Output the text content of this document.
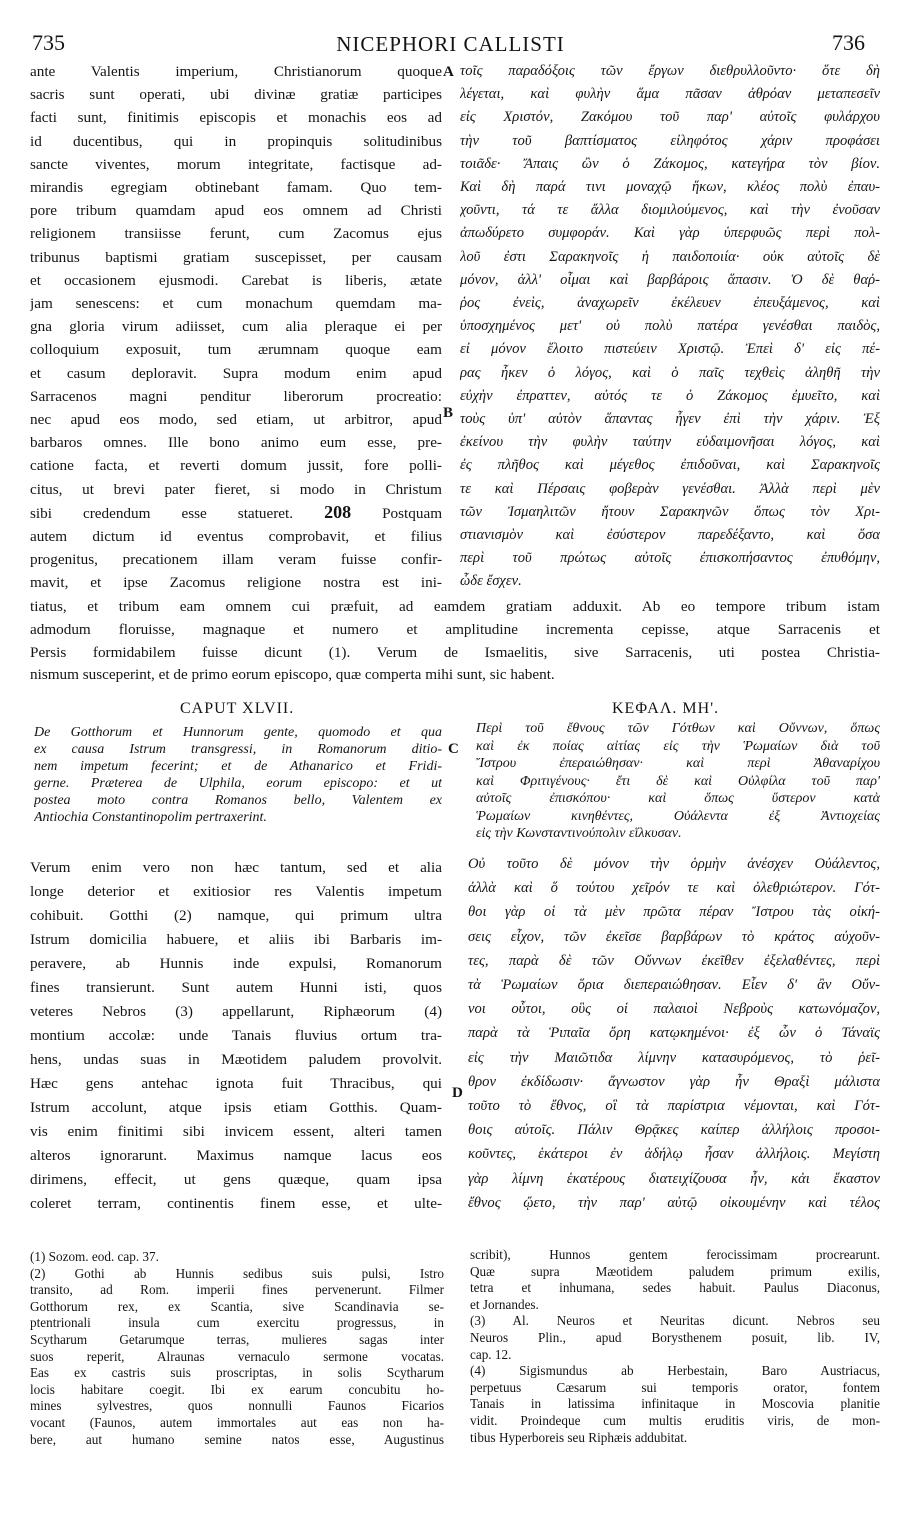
735	NICEPHORI CALLISTI	736
A
B
C
D
ante Valentis imperium, Christianorum quoque
sacris sunt operati, ubi divinæ gratiæ participes
facti sunt, finitimis episcopis et monachis eos ad
id ducentibus, qui in propinquis solitudinibus
sancte viventes, morum integritate, factisque ad-
mirandis egregiam obtinebant famam. Quo tem-
pore tribum quamdam apud eos omnem ad Christi
religionem transiisse ferunt, cum Zacomus ejus
tribunus baptismi gratiam suscepisset, per causam
et occasionem ejusmodi. Carebat is liberis, ætate
jam senescens: et cum monachum quemdam ma-
gna gloria virum adiisset, cum alia pleraque ei per
colloquium exposuit, tum ærumnam quoque eam
et casum deploravit. Supra modum enim apud
Sarracenos magni penditur liberorum procreatio:
nec apud eos modo, sed etiam, ut arbitror, apud
barbaros omnes. Ille bono animo eum esse, pre-
catione facta, et reverti domum jussit, fore polli-
citus, ut brevi pater fieret, si modo in Christum
sibi credendum esse statueret. 208 Postquam
autem dictum id eventus comprobavit, et filius
progenitus, precationem illam veram fuisse confir-
mavit, et ipse Zacomus religione nostra est ini-
τοῖς παραδόξοις τῶν ἔργων διεθρυλλοῦντο· ὅτε δὴ
λέγεται, καὶ φυλὴν ἅμα πᾶσαν ἀθρόαν μεταπεσεῖν
εἰς Χριστόν, Ζακόμου τοῦ παρ' αὐτοῖς φυλάρχου
τὴν τοῦ βαπτίσματος εἰληφότος χάριν προφάσει
τοιᾶδε· Ἄπαις ὢν ὁ Ζάκομος, κατεγήρα τὸν βίον.
Καὶ δὴ παρά τινι μοναχῷ ἥκων, κλέος πολὺ ἐπαυ-
χοῦντι, τά τε ἄλλα διομιλούμενος, καὶ τὴν ἐνοῦσαν
ἀπωδύρετο συμφοράν. Καὶ γὰρ ὑπερφυῶς περὶ πολ-
λοῦ ἐστι Σαρακηνοῖς ἡ παιδοποιία· οὐκ αὐτοῖς δὲ
μόνον, ἀλλ' οἶμαι καὶ βαρβάροις ἅπασιν. Ὁ δὲ θαῤ-
ῥος ἐνεὶς, ἀναχωρεῖν ἐκέλευεν ἐπευξάμενος, καὶ
ὑποσχημένος μετ' οὐ πολὺ πατέρα γενέσθαι παιδὸς,
εἰ μόνον ἕλοιτο πιστεύειν Χριστῷ. Ἐπεὶ δ' εἰς πέ-
ρας ἧκεν ὁ λόγος, καὶ ὁ παῖς τεχθεὶς ἀληθῆ τὴν
εὐχὴν ἐπραττεν, αὐτός τε ὁ Ζάκομος ἐμυεῖτο, καὶ
τοὺς ὑπ' αὐτὸν ἅπαντας ἦγεν ἐπὶ τὴν χάριν. Ἐξ
ἐκείνου τὴν φυλὴν ταύτην εὐδαιμονῆσαι λόγος, καὶ
ἐς πλῆθος καὶ μέγεθος ἐπιδοῦναι, καὶ Σαρακηνοῖς
τε καὶ Πέρσαις φοβερὰν γενέσθαι. Ἀλλὰ περὶ μὲν
τῶν Ἰσμαηλιτῶν ἤτουν Σαρακηνῶν ὅπως τὸν Χρι-
στιανισμὸν καὶ ἐσύστερον παρεδέξαντο, καὶ ὅσα
περὶ τοῦ πρώτως αὐτοῖς ἐπισκοπήσαντος ἐπυθόμην,
ὧδε ἔσχεν.
tiatus, et tribum eam omnem cui præfuit, ad eamdem gratiam adduxit. Ab eo tempore tribum istam
admodum floruisse, magnaque et numero et amplitudine incrementa cepisse, atque Sarracenis et
Persis formidabilem fuisse dicunt (1). Verum de Ismaelitis, sive Sarracenis, uti postea Christia-
nismum susceperint, et de primo eorum episcopo, quæ comperta mihi sunt, sic habent.
CAPUT XLVII.	ΚΕΦΑΛ. ΜΗ'.
De Gotthorum et Hunnorum gente, quomodo et qua
ex causa Istrum transgressi, in Romanorum ditio-
nem impetum fecerint; et de Athanarico et Fridi-
gerne. Præterea de Ulphila, eorum episcopo: et ut
postea moto contra Romanos bello, Valentem ex
Antiochia Constantinopolim pertraxerint.
Περὶ τοῦ ἔθνους τῶν Γότθων καὶ Οὔννων, ὅπως
καὶ ἐκ ποίας αἰτίας εἰς τὴν Ῥωμαίων διὰ τοῦ
Ἴστρου ἐπεραιώθησαν· καὶ περὶ Ἀθαναρίχου
καὶ Φριτιγένους· ἔτι δὲ καὶ Οὐλφίλα τοῦ παρ'
αὐτοῖς ἐπισκόπου· καὶ ὅπως ὕστερον κατὰ
Ῥωμαίων κινηθέντες, Οὐάλεντα ἐξ Ἀντιοχείας
εἰς τὴν Κωνσταντινούπολιν εἵλκυσαν.
Verum enim vero non hæc tantum, sed et alia
longe deterior et exitiosior res Valentis impetum
cohibuit. Gotthi (2) namque, qui primum ultra
Istrum domicilia habuere, et aliis ibi Barbaris im-
peravere, ab Hunnis inde expulsi, Romanorum
fines transierunt. Sunt autem Hunni isti, quos
veteres Nebros (3) appellarunt, Riphæorum (4)
montium accolæ: unde Tanais fluvius ortum tra-
hens, undas suas in Mæotidem paludem provolvit.
Hæc gens antehac ignota fuit Thracibus, qui
Istrum accolunt, atque ipsis etiam Gotthis. Quam-
vis enim finitimi sibi invicem essent, alteri tamen
alteros ignorarunt. Maximus namque lacus eos
dirimens, effecit, ut gens quæque, quam ipsa
coleret terram, continentis finem esse, et ulte-
Οὐ τοῦτο δὲ μόνον τὴν ὁρμὴν ἀνέσχεν Οὐάλεντος,
ἀλλὰ καὶ ὅ τούτου χεῖρόν τε καὶ ὀλεθριώτερον. Γότ-
θοι γὰρ οἱ τὰ μὲν πρῶτα πέραν Ἴστρου τὰς οἰκή-
σεις εἶχον, τῶν ἐκεῖσε βαρβάρων τὸ κράτος αὐχοῦν-
τες, παρὰ δὲ τῶν Οὔννων ἐκεῖθεν ἐξελαθέντες, περὶ
τὰ Ῥωμαίων ὅρια διεπεραιώθησαν. Εἶεν δ' ἂν Οὔν-
νοι οὗτοι, οὓς οἱ παλαιοὶ Νεβροὺς κατωνόμαζον,
παρὰ τὰ Ῥιπαῖα ὄρη κατῳκημένοι· ἐξ ὧν ὁ Τάναϊς
εἰς τὴν Μαιῶτιδα λίμνην κατασυρόμενος, τὸ ῥεῖ-
θρον ἐκδίδωσιν· ἄγνωστον γὰρ ἦν Θραξὶ μάλιστα
τοῦτο τὸ ἔθνος, οἳ τὰ παρίστρια νέμονται, καὶ Γότ-
θοις αὐτοῖς. Πάλιν Θρᾷκες καίπερ ἀλλήλοις προσοι-
κοῦντες, ἑκάτεροι ἐν ἀδήλῳ ἦσαν ἀλλήλοις. Μεγίστη
γὰρ λίμνη ἑκατέρους διατειχίζουσα ἦν, κἀι ἕκαστον
ἔθνος ᾤετο, τὴν παρ' αὐτῷ οἰκουμένην καὶ τέλος
(1) Sozom. eod. cap. 37.
(2) Gothi ab Hunnis sedibus suis pulsi, Istro
transito, ad Rom. imperii fines pervenerunt. Filmer
Gotthorum rex, ex Scantia, sive Scandinavia se-
ptentrionali insula cum exercitu progressus, in
Scytharum Getarumque terras, mulieres sagas inter
suos reperit, Alraunas vernaculo sermone vocatas.
Eas ex castris suis proscriptas, in solis Scytharum
locis habitare coegit. Ibi ex earum concubitu ho-
mines sylvestres, quos nonnulli Faunos Ficarios
vocant (Faunos, autem immortales aut eas non ha-
bere, aut humano semine natos esse, Augustinus
scribit), Hunnos gentem ferocissimam procrearunt.
Quæ supra Mæotidem paludem primum exilis,
tetra et inhumana, sedes habuit. Paulus Diaconus,
et Jornandes.
(3) Al. Neuros et Neuritas dicunt. Nebros seu
Neuros Plin., apud Borysthenem posuit, lib. IV,
cap. 12.
(4) Sigismundus ab Herbestain, Baro Austriacus,
perpetuus Cæsarum sui temporis orator, fontem
Tanais in latissima infinitaque in Moscovia planitie
vidit. Proindeque cum multis eruditis viris, de mon-
tibus Hyperboreis seu Riphæis addubitat.
